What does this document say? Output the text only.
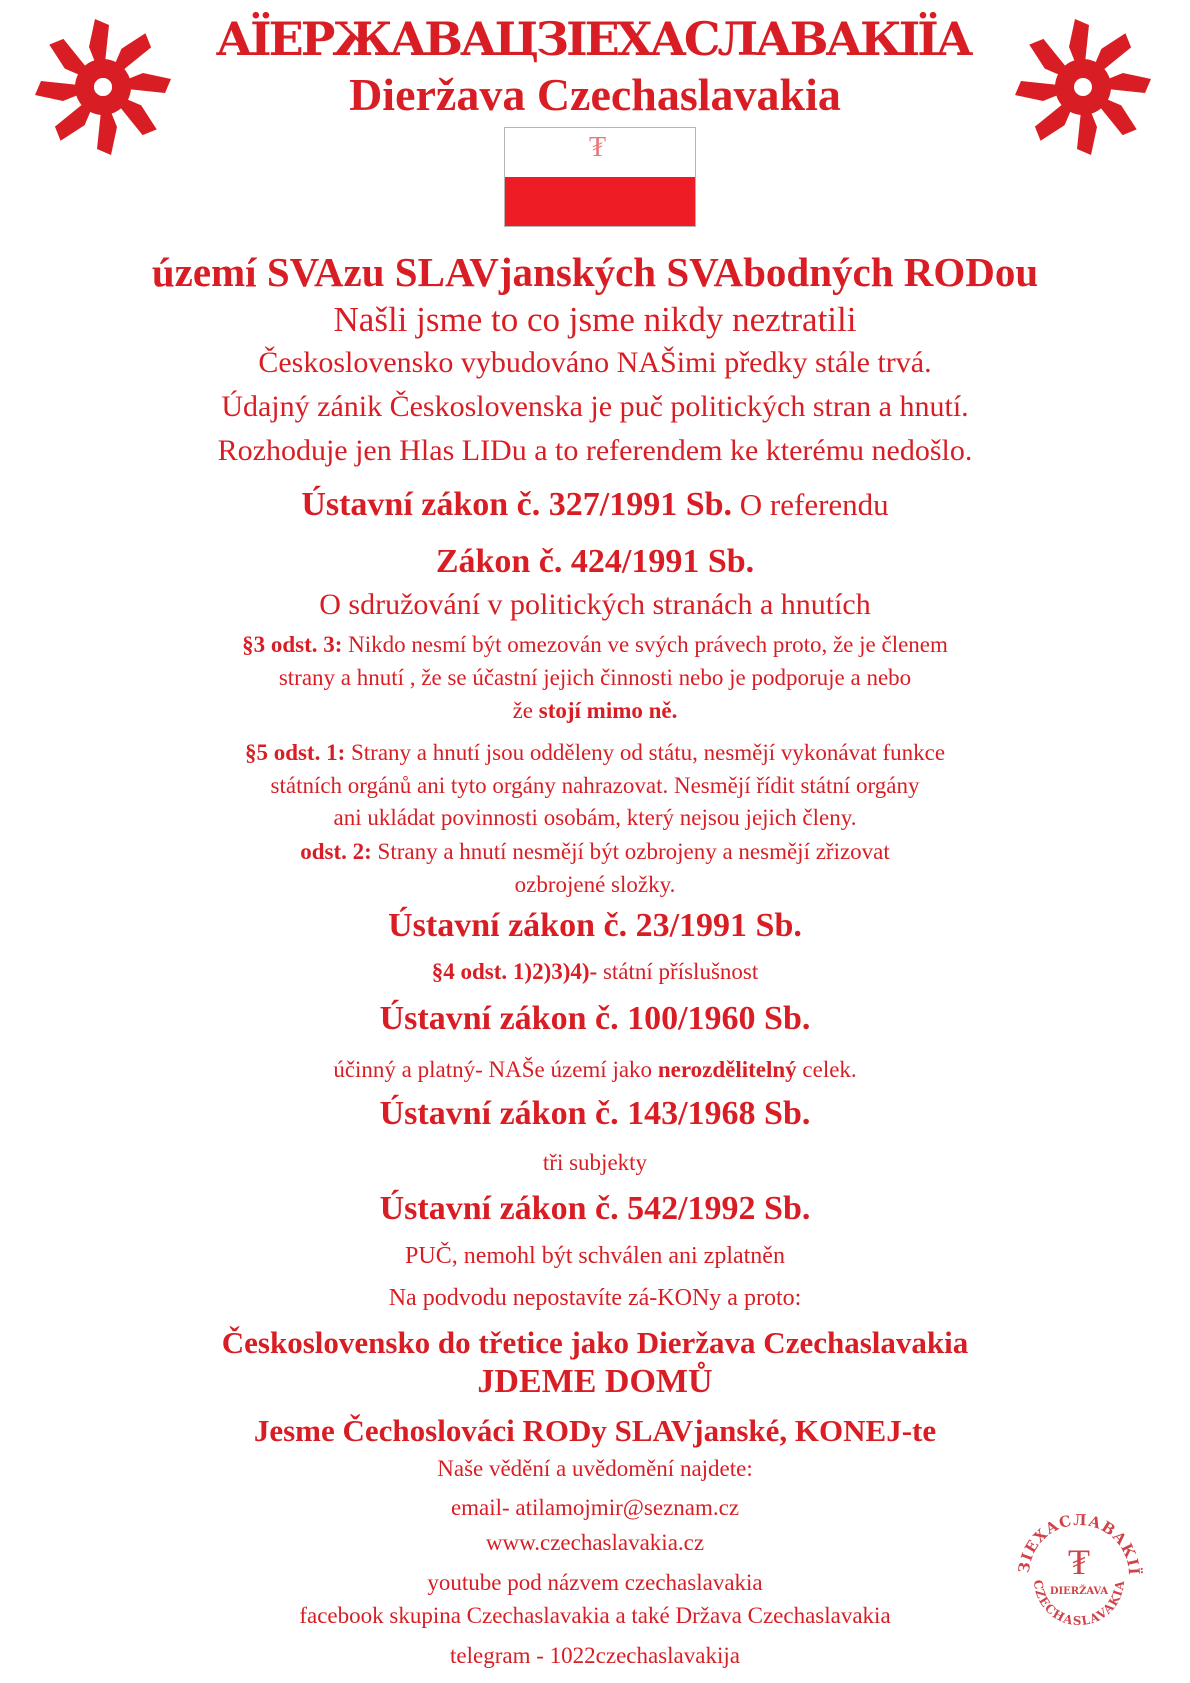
АЇЕРЖАВАЦЗІЕХАСЛАВАКІЇА
Dieržava Czechaslavakia
₮
území SVAzu SLAVjanských SVAbodných RODou
Našli jsme to co jsme nikdy neztratili
Československo vybudováno NAŠimi předky stále trvá.
Údajný zánik Československa je puč politických stran a hnutí.
Rozhoduje jen Hlas LIDu a to referendem ke kterému nedošlo.
Ústavní zákon č. 327/1991 Sb. O referendu
Zákon č. 424/1991 Sb.
O sdružování v politických stranách a hnutích
§3 odst. 3: Nikdo nesmí být omezován ve svých právech proto, že je členem
strany a hnutí , že se účastní jejich činnosti nebo je podporuje a nebo
že stojí mimo ně.
§5 odst. 1: Strany a hnutí jsou odděleny od státu, nesmějí vykonávat funkce
státních orgánů ani tyto orgány nahrazovat. Nesmějí řídit státní orgány
ani ukládat povinnosti osobám, který nejsou jejich členy.
odst. 2: Strany a hnutí nesmějí být ozbrojeny a nesmějí zřizovat
ozbrojené složky.
Ústavní zákon č. 23/1991 Sb.
§4 odst. 1)2)3)4)- státní příslušnost
Ústavní zákon č. 100/1960 Sb.
účinný a platný- NAŠe území jako nerozdělitelný celek.
Ústavní zákon č. 143/1968 Sb.
tři subjekty
Ústavní zákon č. 542/1992 Sb.
PUČ, nemohl být schválen ani zplatněn
Na podvodu nepostavíte zá-KONy a proto:
Československo do třetice jako Dieržava Czechaslavakia
JDEME DOMŮ
Jesme Čechoslováci RODy SLAVjanské, KONEJ-te
Naše vědění a uvědomění najdete:
email- atilamojmir@seznam.cz
www.czechaslavakia.cz
youtube pod názvem czechaslavakia
facebook skupina Czechaslavakia a také Država Czechaslavakia
telegram - 1022czechaslavakija
ЗІЕХАСЛАВАКІЇ
CZECHASLAVAKIA
₮
DIERŽAVA
